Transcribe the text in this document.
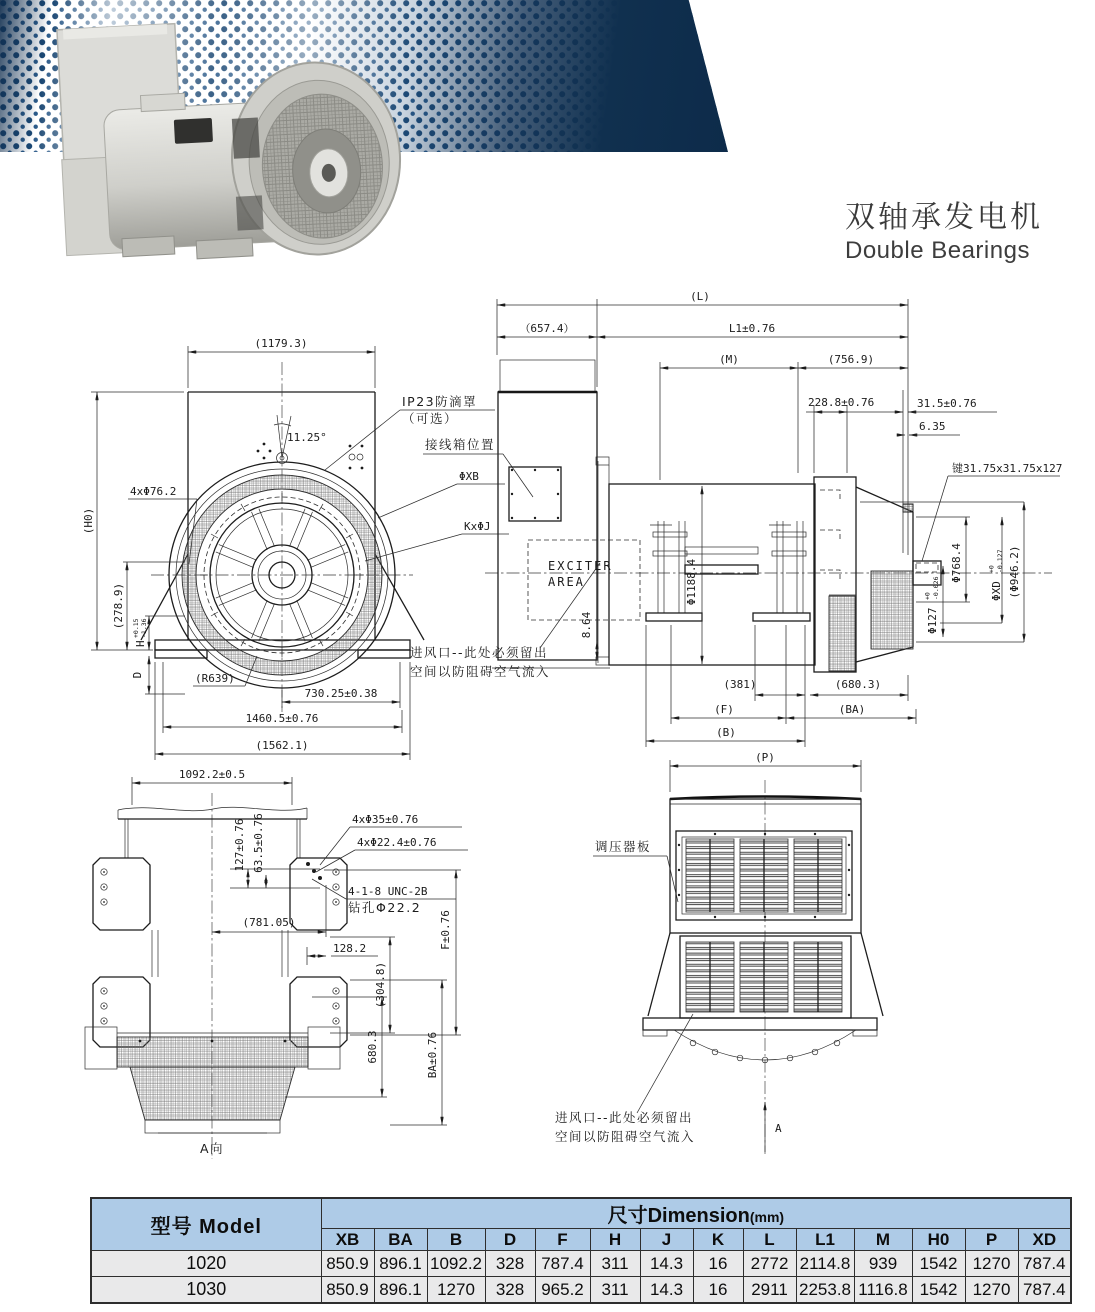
双轴承发电机
Double Bearings
11.25°
(1179.3)
(H0)
(278.9)
H
+0.15 -1.36
D
730.25±0.38
1460.5±0.76
(1562.1)
4xΦ76.2
IP23防滴罩
（可选）
ΦXB
KxΦJ
(R639)
EXCITER
AREA
(L)
（657.4）	L1±0.76
(M)	(756.9)
228.8±0.76	31.5±0.76
6.35
接线箱位置
键31.75x31.75x127
Φ768.4
ΦXD
+0 -0.127 (Φ946.2)
Φ127
+0 -0.026
Φ1188.4
8.64
进风口--此处必须留出
空间以防阻碍空气流入
(381)	(680.3)
(F)	(BA)
(B)
1092.2±0.5
4xΦ35±0.76
4xΦ22.4±0.76
4-1-8 UNC-2B
钻孔Φ22.2
127±0.76 63.5±0.76
(781.05)
128.2
(304.8)
F±0.76
680.3	BA±0.76
A向
(P)
调压器板
进风口--此处必须留出
空间以防阻碍空气流入
A
型号 Model	尺寸Dimension(mm)													
	XB	BA	B	D	F	H	J	K	L	L1	M	H0	P	XD
1020	850.9	896.1	1092.2	328	787.4	311	14.3	16	2772	2114.8	939	1542	1270	787.4
1030	850.9	896.1	1270	328	965.2	311	14.3	16	2911	2253.8	1116.8	1542	1270	787.4
